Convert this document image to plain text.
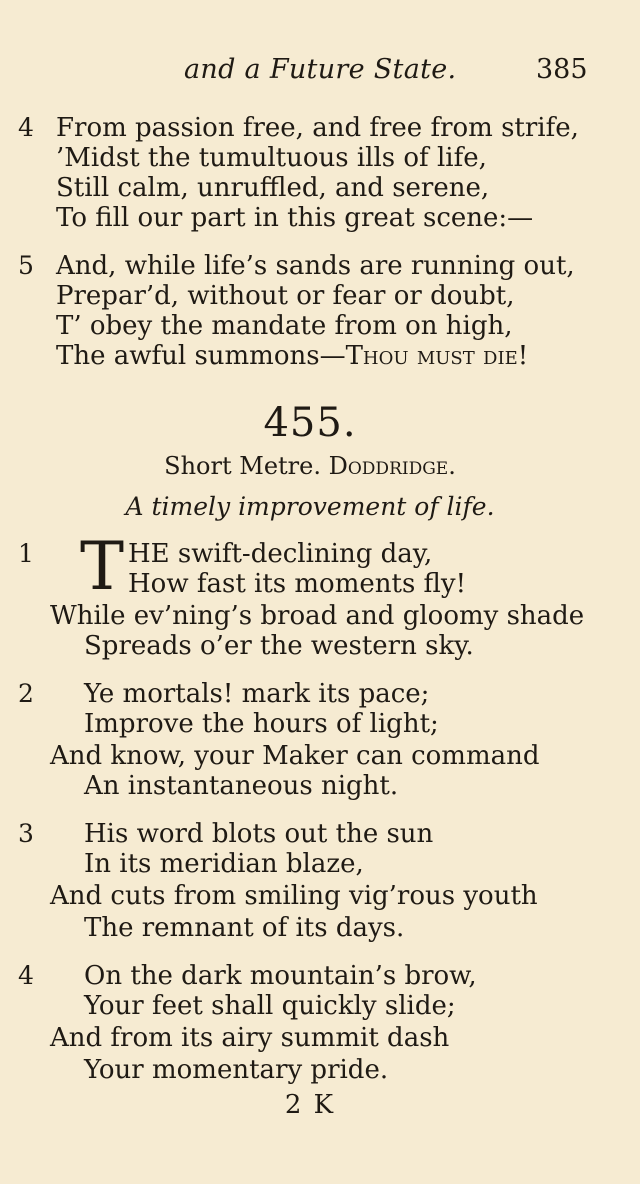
and a Future State.	385
4 From passion free, and free from strife,
’Midst the tumultuous ills of life,
Still calm, unruffled, and serene,
To fill our part in this great scene:—
5 And, while life’s sands are running out,
Prepar’d, without or fear or doubt,
T’ obey the mandate from on high,
The awful summons—Thou must die!
455.
Short Metre. Doddridge.
A timely improvement of life.
1 T HE swift-declining day,
How fast its moments fly!
While ev’ning’s broad and gloomy shade
Spreads o’er the western sky.
2 Ye mortals! mark its pace;
Improve the hours of light;
And know, your Maker can command
An instantaneous night.
3 His word blots out the sun
In its meridian blaze,
And cuts from smiling vig’rous youth
The remnant of its days.
4 On the dark mountain’s brow,
Your feet shall quickly slide;
And from its airy summit dash
Your momentary pride.
2 K
